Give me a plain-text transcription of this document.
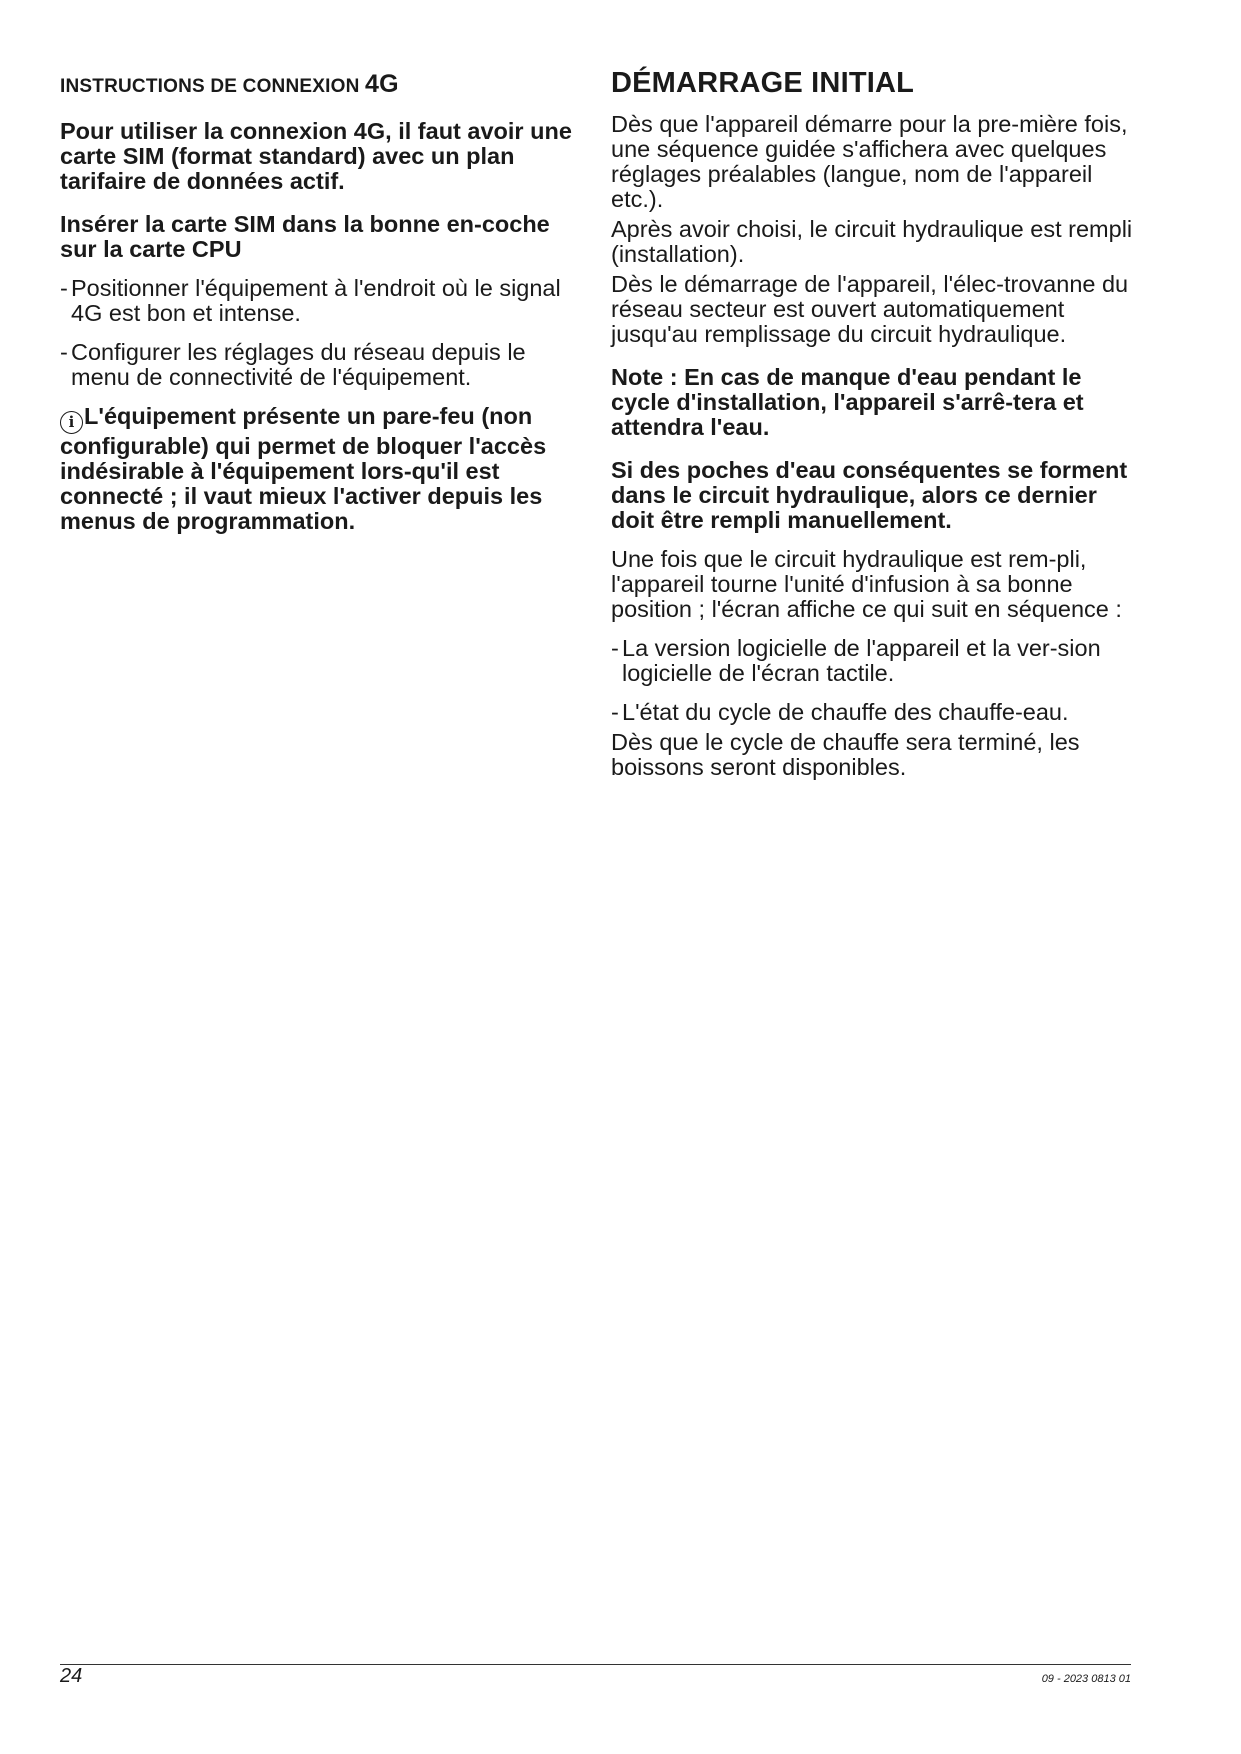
INSTRUCTIONS DE CONNEXION 4G

Pour utiliser la connexion 4G, il faut avoir une carte SIM (format standard) avec un plan tarifaire de données actif.

Insérer la carte SIM dans la bonne en-coche sur la carte CPU

- Positionner l'équipement à l'endroit où le signal 4G est bon et intense.
- Configurer les réglages du réseau depuis le menu de connectivité de l'équipement.

i L'équipement présente un pare-feu (non configurable) qui permet de bloquer l'accès indésirable à l'équipement lors-qu'il est connecté ; il vaut mieux l'activer depuis les menus de programmation.

DÉMARRAGE INITIAL

Dès que l'appareil démarre pour la pre-mière fois, une séquence guidée s'affichera avec quelques réglages préalables (langue, nom de l'appareil etc.).

Après avoir choisi, le circuit hydraulique est rempli (installation).

Dès le démarrage de l'appareil, l'élec-trovanne du réseau secteur est ouvert automatiquement jusqu'au remplissage du circuit hydraulique.

Note : En cas de manque d'eau pendant le cycle d'installation, l'appareil s'arrê-tera et attendra l'eau.

Si des poches d'eau conséquentes se forment dans le circuit hydraulique, alors ce dernier doit être rempli manuellement.

Une fois que le circuit hydraulique est rem-pli, l'appareil tourne l'unité d'infusion à sa bonne position ; l'écran affiche ce qui suit en séquence :

- La version logicielle de l'appareil et la ver-sion logicielle de l'écran tactile.
- L'état du cycle de chauffe des chauffe-eau.

Dès que le cycle de chauffe sera terminé, les boissons seront disponibles.

24	09 - 2023 0813 01
